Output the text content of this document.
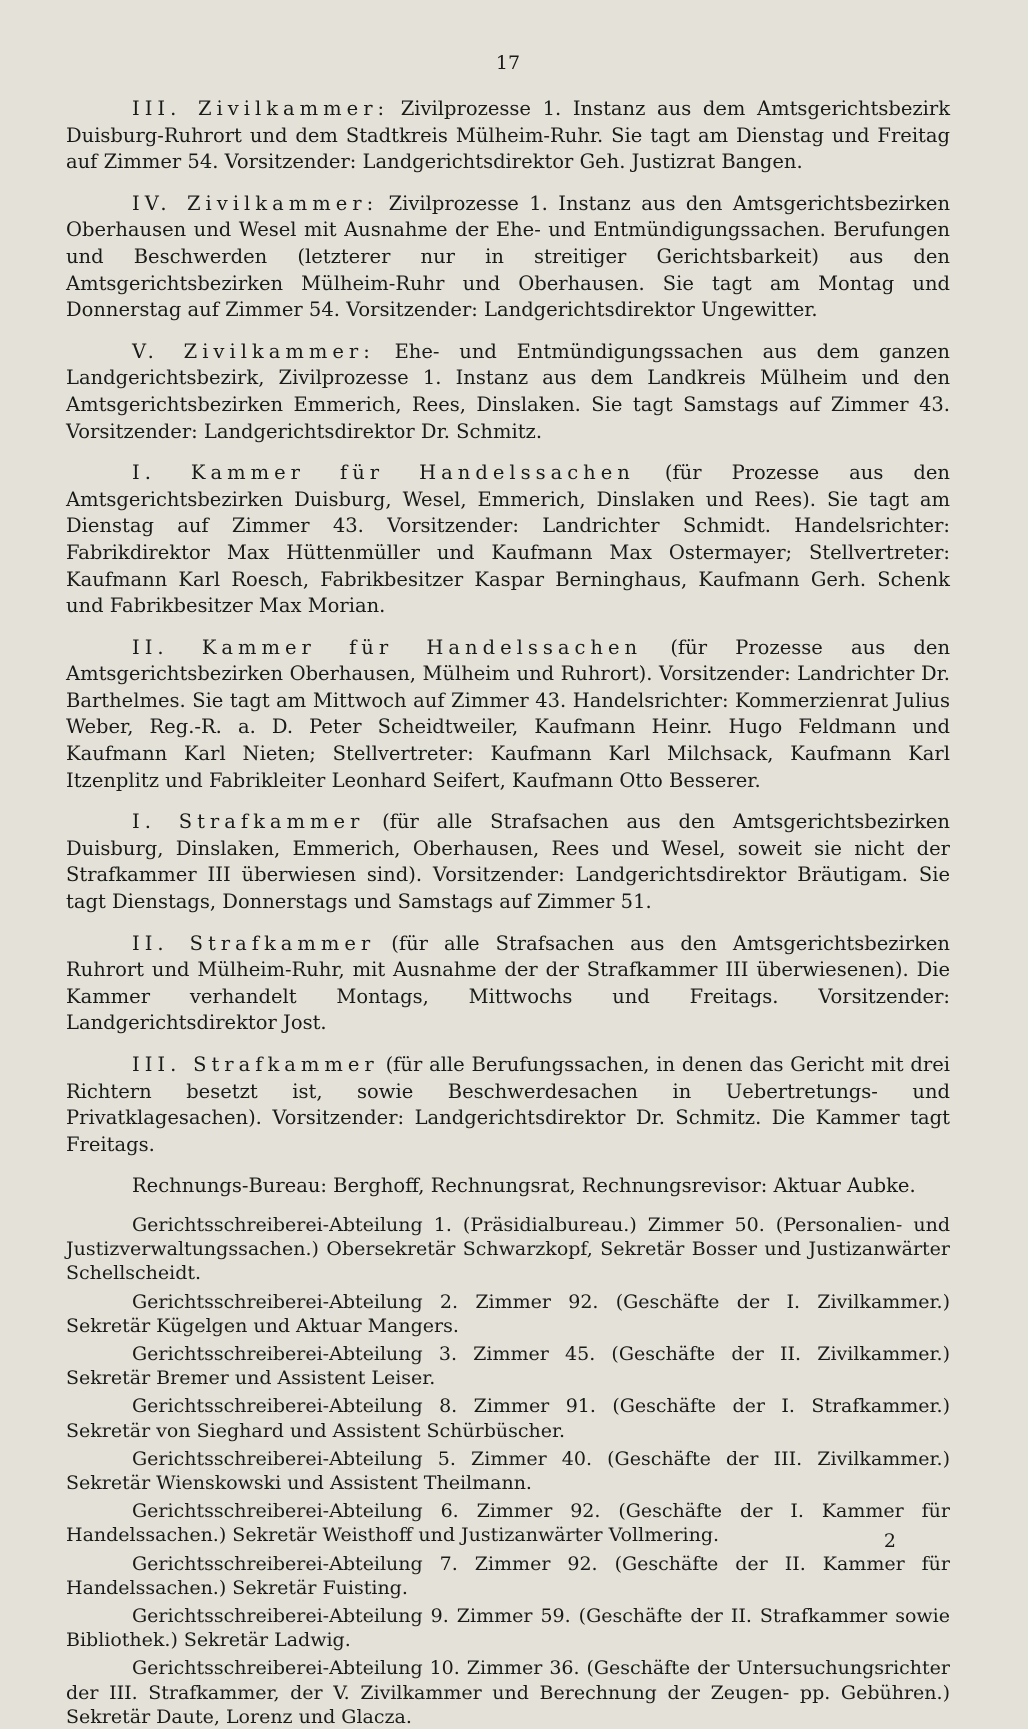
17

III. Zivilkammer: Zivilprozesse 1. Instanz aus dem Amtsgerichtsbezirk Duisburg-Ruhrort und dem Stadtkreis Mülheim-Ruhr. Sie tagt am Dienstag und Freitag auf Zimmer 54. Vorsitzender: Landgerichtsdirektor Geh. Justizrat Bangen.

IV. Zivilkammer: Zivilprozesse 1. Instanz aus den Amtsgerichtsbezirken Oberhausen und Wesel mit Ausnahme der Ehe- und Entmündigungssachen. Berufungen und Beschwerden (letzterer nur in streitiger Gerichtsbarkeit) aus den Amtsgerichtsbezirken Mülheim-Ruhr und Oberhausen. Sie tagt am Montag und Donnerstag auf Zimmer 54. Vorsitzender: Landgerichtsdirektor Ungewitter.

V. Zivilkammer: Ehe- und Entmündigungssachen aus dem ganzen Landgerichtsbezirk, Zivilprozesse 1. Instanz aus dem Landkreis Mülheim und den Amtsgerichtsbezirken Emmerich, Rees, Dinslaken. Sie tagt Samstags auf Zimmer 43. Vorsitzender: Landgerichtsdirektor Dr. Schmitz.

I. Kammer für Handelssachen (für Prozesse aus den Amtsgerichtsbezirken Duisburg, Wesel, Emmerich, Dinslaken und Rees). Sie tagt am Dienstag auf Zimmer 43. Vorsitzender: Landrichter Schmidt. Handelsrichter: Fabrikdirektor Max Hüttenmüller und Kaufmann Max Ostermayer; Stellvertreter: Kaufmann Karl Roesch, Fabrikbesitzer Kaspar Berninghaus, Kaufmann Gerh. Schenk und Fabrikbesitzer Max Morian.

II. Kammer für Handelssachen (für Prozesse aus den Amtsgerichtsbezirken Oberhausen, Mülheim und Ruhrort). Vorsitzender: Landrichter Dr. Barthelmes. Sie tagt am Mittwoch auf Zimmer 43. Handelsrichter: Kommerzienrat Julius Weber, Reg.-R. a. D. Peter Scheidtweiler, Kaufmann Heinr. Hugo Feldmann und Kaufmann Karl Nieten; Stellvertreter: Kaufmann Karl Milchsack, Kaufmann Karl Itzenplitz und Fabrikleiter Leonhard Seifert, Kaufmann Otto Besserer.

I. Strafkammer (für alle Strafsachen aus den Amtsgerichtsbezirken Duisburg, Dinslaken, Emmerich, Oberhausen, Rees und Wesel, soweit sie nicht der Strafkammer III überwiesen sind). Vorsitzender: Landgerichtsdirektor Bräutigam. Sie tagt Dienstags, Donnerstags und Samstags auf Zimmer 51.

II. Strafkammer (für alle Strafsachen aus den Amtsgerichtsbezirken Ruhrort und Mülheim-Ruhr, mit Ausnahme der der Strafkammer III überwiesenen). Die Kammer verhandelt Montags, Mittwochs und Freitags. Vorsitzender: Landgerichtsdirektor Jost.

III. Strafkammer (für alle Berufungssachen, in denen das Gericht mit drei Richtern besetzt ist, sowie Beschwerdesachen in Uebertretungs- und Privatklagesachen). Vorsitzender: Landgerichtsdirektor Dr. Schmitz. Die Kammer tagt Freitags.

Rechnungs-Bureau: Berghoff, Rechnungsrat, Rechnungsrevisor: Aktuar Aubke.

Gerichtsschreiberei-Abteilung 1. (Präsidialbureau.) Zimmer 50. (Personalien- und Justizverwaltungssachen.) Obersekretär Schwarzkopf, Sekretär Bosser und Justizanwärter Schellscheidt.

Gerichtsschreiberei-Abteilung 2. Zimmer 92. (Geschäfte der I. Zivilkammer.) Sekretär Kügelgen und Aktuar Mangers.

Gerichtsschreiberei-Abteilung 3. Zimmer 45. (Geschäfte der II. Zivilkammer.) Sekretär Bremer und Assistent Leiser.

Gerichtsschreiberei-Abteilung 8. Zimmer 91. (Geschäfte der I. Strafkammer.) Sekretär von Sieghard und Assistent Schürbüscher.

Gerichtsschreiberei-Abteilung 5. Zimmer 40. (Geschäfte der III. Zivilkammer.) Sekretär Wienskowski und Assistent Theilmann.

Gerichtsschreiberei-Abteilung 6. Zimmer 92. (Geschäfte der I. Kammer für Handelssachen.) Sekretär Weisthoff und Justizanwärter Vollmering.

Gerichtsschreiberei-Abteilung 7. Zimmer 92. (Geschäfte der II. Kammer für Handelssachen.) Sekretär Fuisting.

Gerichtsschreiberei-Abteilung 9. Zimmer 59. (Geschäfte der II. Strafkammer sowie Bibliothek.) Sekretär Ladwig.

Gerichtsschreiberei-Abteilung 10. Zimmer 36. (Geschäfte der Untersuchungsrichter der III. Strafkammer, der V. Zivilkammer und Berechnung der Zeugen- pp. Gebühren.) Sekretär Daute, Lorenz und Glacza.

2
